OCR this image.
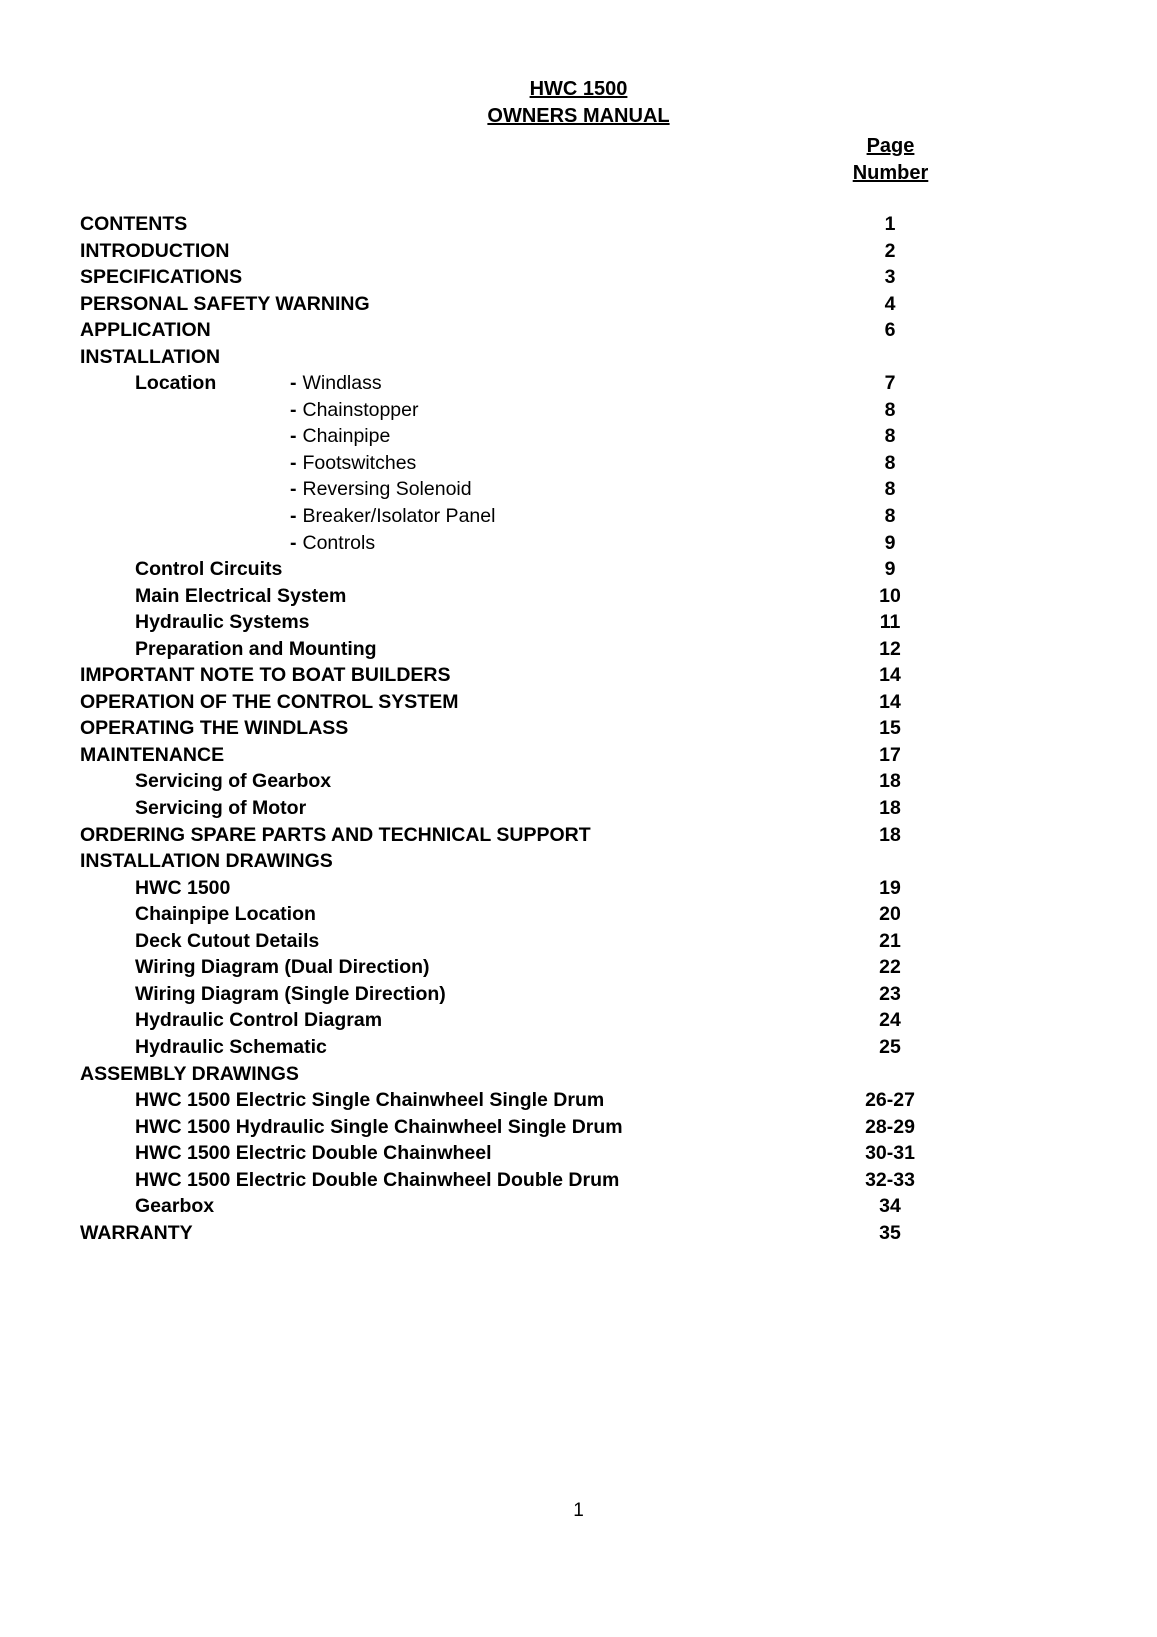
HWC 1500
OWNERS MANUAL
Page
Number
CONTENTS	1
INTRODUCTION	2
SPECIFICATIONS	3
PERSONAL SAFETY WARNING	4
APPLICATION	6
INSTALLATION
Location	- Windlass	7
- Chainstopper	8
- Chainpipe	8
- Footswitches	8
- Reversing Solenoid	8
- Breaker/Isolator Panel	8
- Controls	9
Control Circuits	9
Main Electrical System	10
Hydraulic Systems	11
Preparation and Mounting	12
IMPORTANT NOTE TO BOAT BUILDERS	14
OPERATION OF THE CONTROL SYSTEM	14
OPERATING THE WINDLASS	15
MAINTENANCE	17
Servicing of Gearbox	18
Servicing of Motor	18
ORDERING SPARE PARTS AND TECHNICAL SUPPORT	18
INSTALLATION DRAWINGS
HWC 1500	19
Chainpipe Location	20
Deck Cutout Details	21
Wiring Diagram (Dual Direction)	22
Wiring Diagram (Single Direction)	23
Hydraulic Control Diagram	24
Hydraulic Schematic	25
ASSEMBLY DRAWINGS
HWC 1500 Electric Single Chainwheel Single Drum	26-27
HWC 1500 Hydraulic Single Chainwheel Single Drum	28-29
HWC 1500 Electric Double Chainwheel	30-31
HWC 1500 Electric Double Chainwheel Double Drum	32-33
Gearbox	34
WARRANTY	35
1
